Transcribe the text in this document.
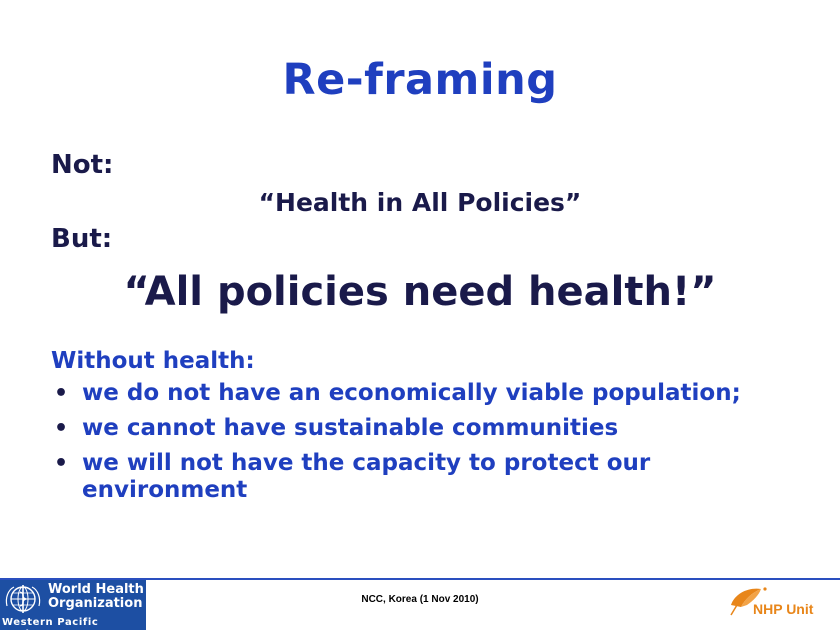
Re-framing
Not:
“Health in All Policies”
But:
“All policies need health!”
Without health:
• we do not have an economically viable population;
• we cannot have sustainable communities
• we will not have the capacity to protect our environment
World Health Organization
Western Pacific Region
NCC, Korea (1 Nov 2010)
NHP Unit
